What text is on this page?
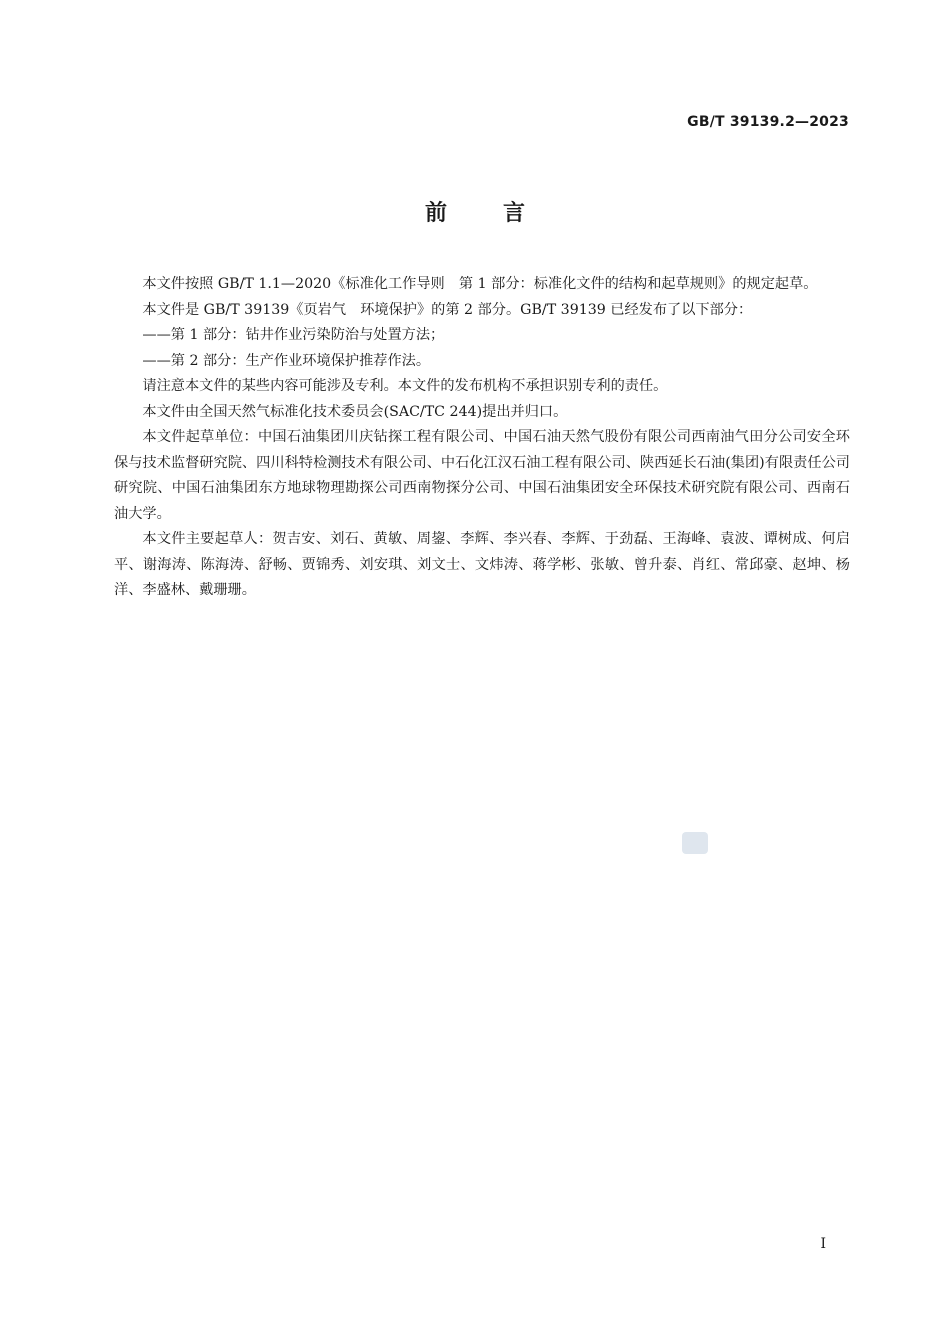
GB/T 39139.2—2023
前	言

本文件按照 GB/T 1.1—2020《标准化工作导则　第 1 部分：标准化文件的结构和起草规则》的规定起草。

本文件是 GB/T 39139《页岩气　环境保护》的第 2 部分。GB/T 39139 已经发布了以下部分：

——第 1 部分：钻井作业污染防治与处置方法；

——第 2 部分：生产作业环境保护推荐作法。

请注意本文件的某些内容可能涉及专利。本文件的发布机构不承担识别专利的责任。

本文件由全国天然气标准化技术委员会(SAC/TC 244)提出并归口。

本文件起草单位：中国石油集团川庆钻探工程有限公司、中国石油天然气股份有限公司西南油气田分公司安全环保与技术监督研究院、四川科特检测技术有限公司、中石化江汉石油工程有限公司、陕西延长石油(集团)有限责任公司研究院、中国石油集团东方地球物理勘探公司西南物探分公司、中国石油集团安全环保技术研究院有限公司、西南石油大学。

本文件主要起草人：贺吉安、刘石、黄敏、周鋆、李辉、李兴春、李辉、于劲磊、王海峰、袁波、谭树成、何启平、谢海涛、陈海涛、舒畅、贾锦秀、刘安琪、刘文士、文炜涛、蒋学彬、张敏、曾升泰、肖红、常邱豪、赵坤、杨洋、李盛林、戴珊珊。

I
